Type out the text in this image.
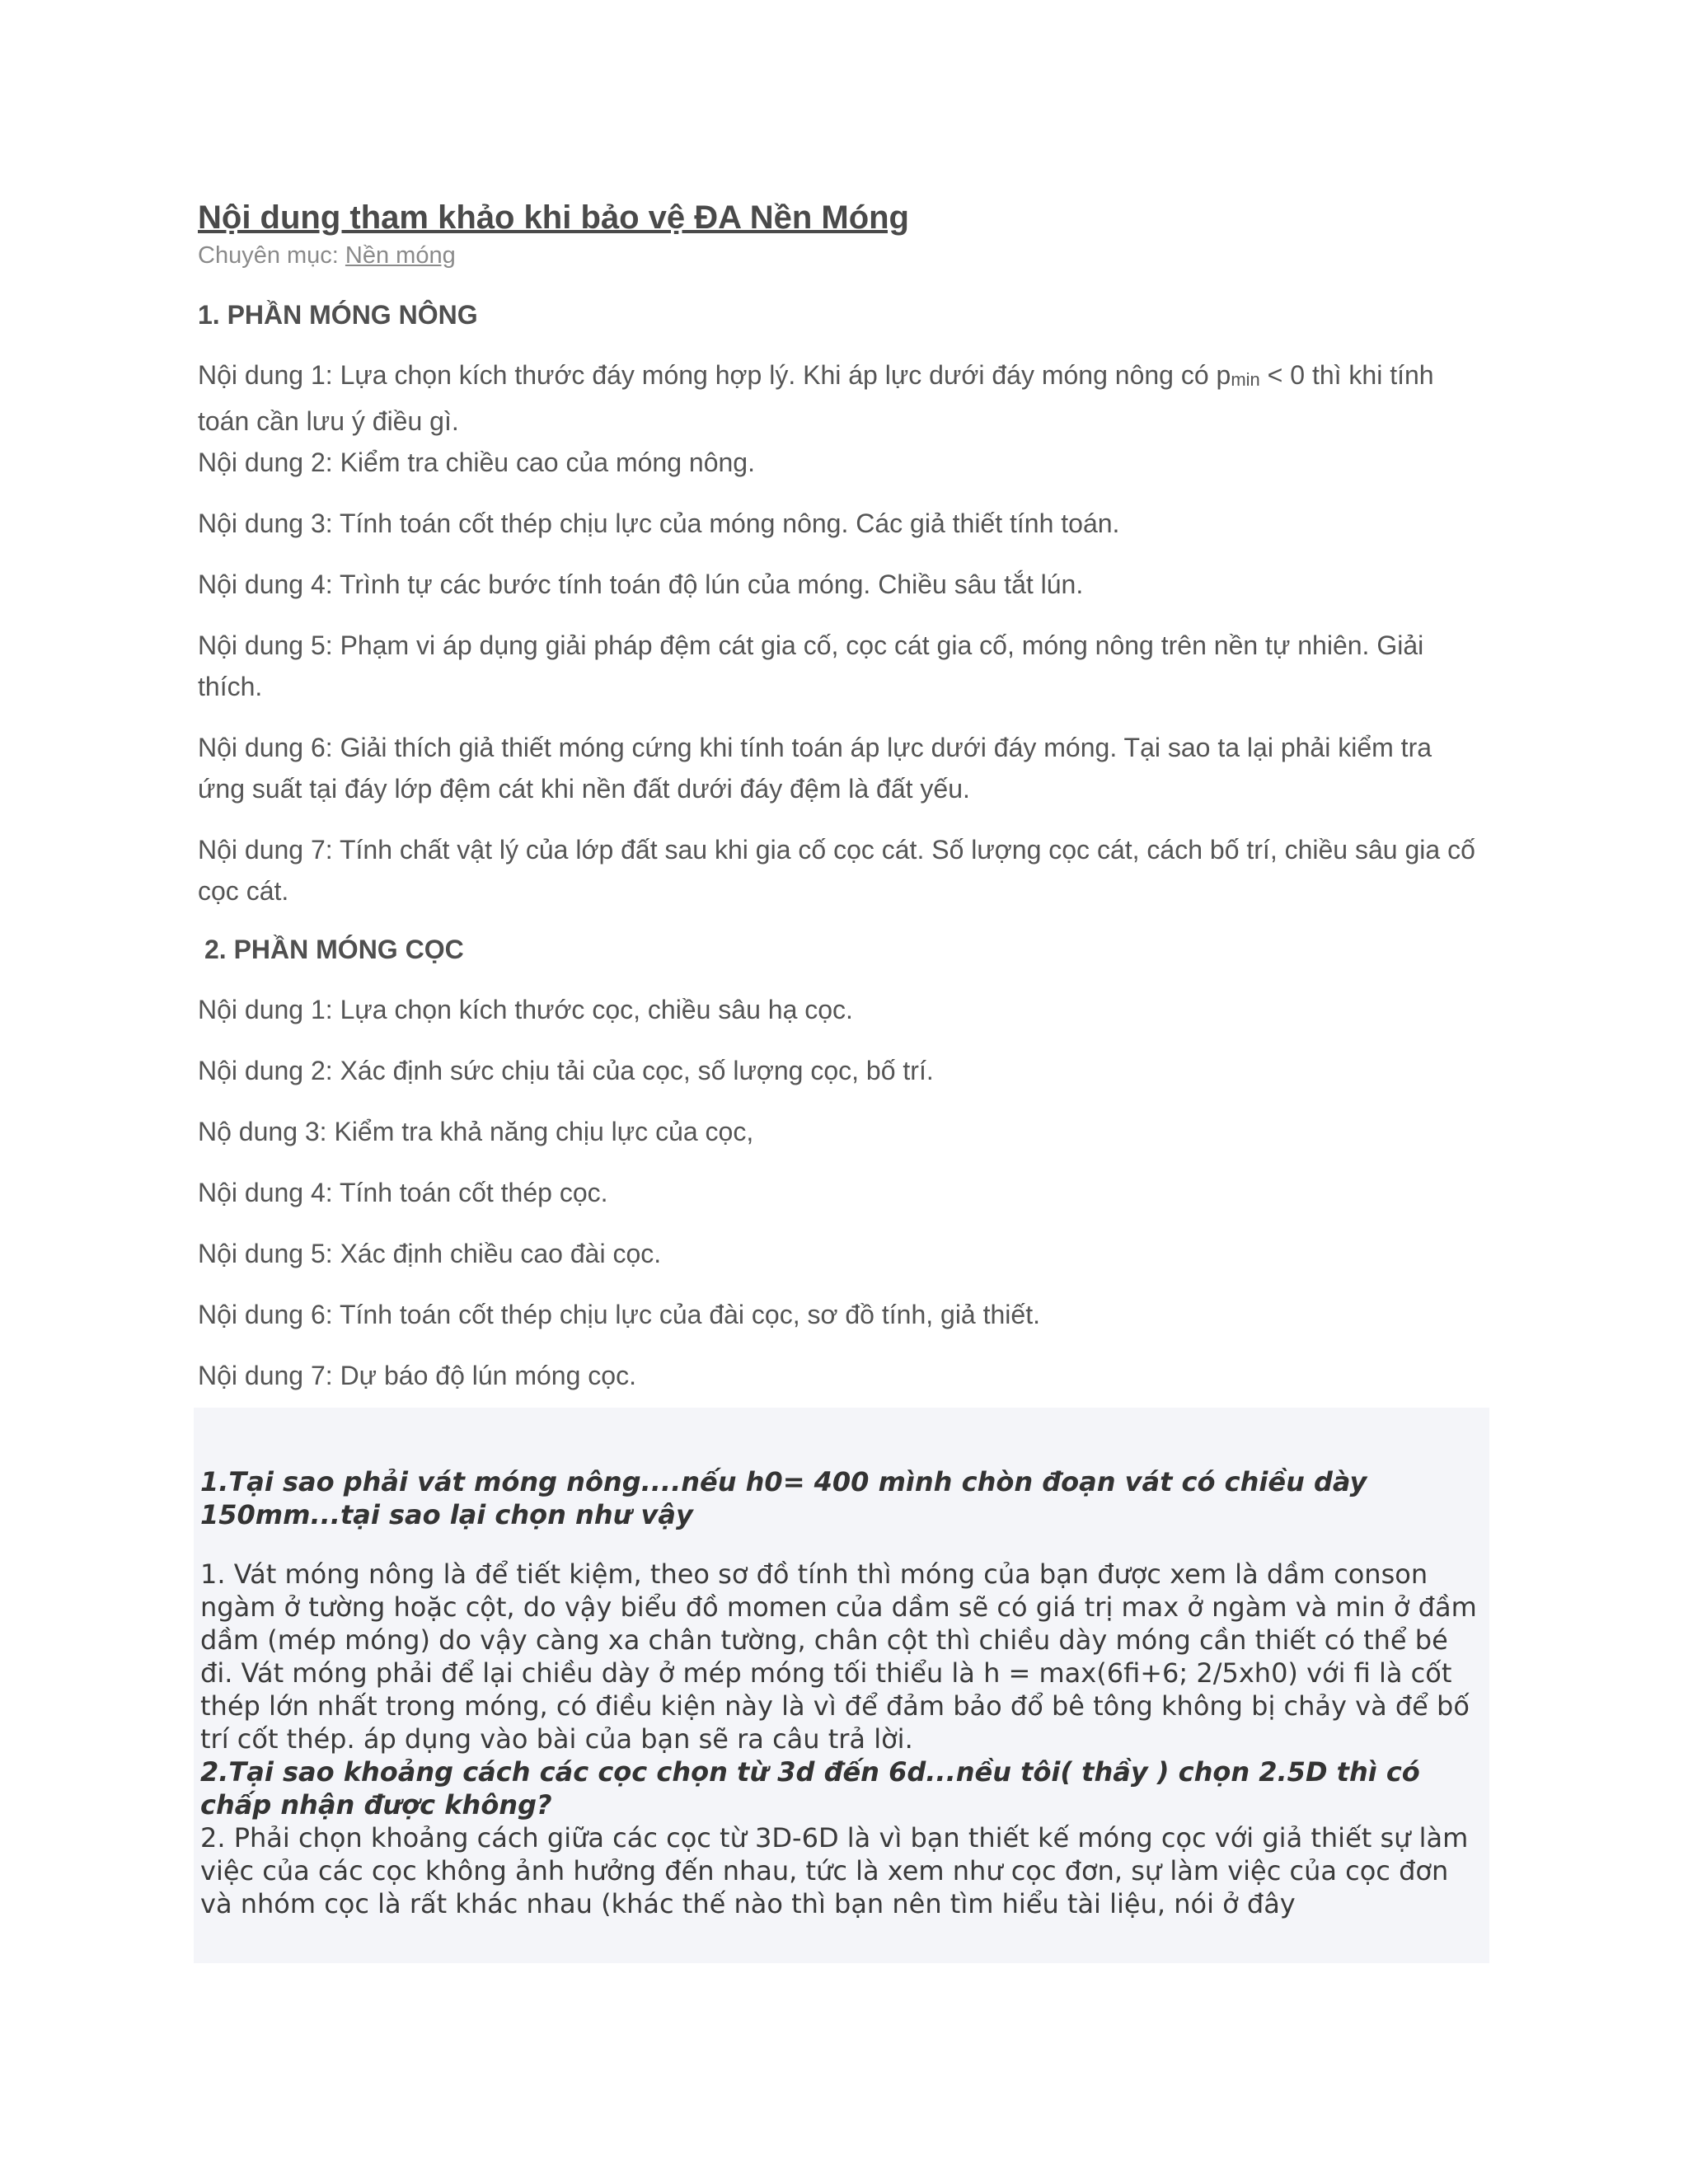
Nội dung tham khảo khi bảo vệ ĐA Nền Móng

Chuyên mục: Nền móng

1. PHẦN MÓNG NÔNG

Nội dung 1: Lựa chọn kích thước đáy móng hợp lý. Khi áp lực dưới đáy móng nông có $p_{min} < 0$ thì khi tính toán cần lưu ý điều gì.

Nội dung 2: Kiểm tra chiều cao của móng nông.

Nội dung 3: Tính toán cốt thép chịu lực của móng nông. Các giả thiết tính toán.

Nội dung 4: Trình tự các bước tính toán độ lún của móng. Chiều sâu tắt lún.

Nội dung 5: Phạm vi áp dụng giải pháp đệm cát gia cố, cọc cát gia cố, móng nông trên nền tự nhiên. Giải thích.

Nội dung 6: Giải thích giả thiết móng cứng khi tính toán áp lực dưới đáy móng. Tại sao ta lại phải kiểm tra ứng suất tại đáy lớp đệm cát khi nền đất dưới đáy đệm là đất yếu.

Nội dung 7: Tính chất vật lý của lớp đất sau khi gia cố cọc cát. Số lượng cọc cát, cách bố trí, chiều sâu gia cố cọc cát.

2. PHẦN MÓNG CỌC

Nội dung 1: Lựa chọn kích thước cọc, chiều sâu hạ cọc.

Nội dung 2: Xác định sức chịu tải của cọc, số lượng cọc, bố trí.

Nộ dung 3: Kiểm tra khả năng chịu lực của cọc,

Nội dung 4: Tính toán cốt thép cọc.

Nội dung 5: Xác định chiều cao đài cọc.

Nội dung 6: Tính toán cốt thép chịu lực của đài cọc, sơ đồ tính, giả thiết.

Nội dung 7: Dự báo độ lún móng cọc.

1.Tại sao phải vát móng nông....nếu h0= 400 mình chòn đoạn vát có chiều dày 150mm...tại sao lại chọn như vậy

1. Vát móng nông là để tiết kiệm, theo sơ đồ tính thì móng của bạn được xem là dầm conson ngàm ở tường hoặc cột, do vậy biểu đồ momen của dầm sẽ có giá trị max ở ngàm và min ở đầm dầm (mép móng) do vậy càng xa chân tường, chân cột thì chiều dày móng cần thiết có thể bé đi. Vát móng phải để lại chiều dày ở mép móng tối thiểu là h = max(6fi+6; 2/5xh0) với fi là cốt thép lớn nhất trong móng, có điều kiện này là vì để đảm bảo đổ bê tông không bị chảy và để bố trí cốt thép. áp dụng vào bài của bạn sẽ ra câu trả lời.

2.Tại sao khoảng cách các cọc chọn từ 3d đến 6d...nều tôi( thầy ) chọn 2.5D thì có chấp nhận được không?

2. Phải chọn khoảng cách giữa các cọc từ 3D-6D là vì bạn thiết kế móng cọc với giả thiết sự làm việc của các cọc không ảnh hưởng đến nhau, tức là xem như cọc đơn, sự làm việc của cọc đơn và nhóm cọc là rất khác nhau (khác thế nào thì bạn nên tìm hiểu tài liệu, nói ở đây
